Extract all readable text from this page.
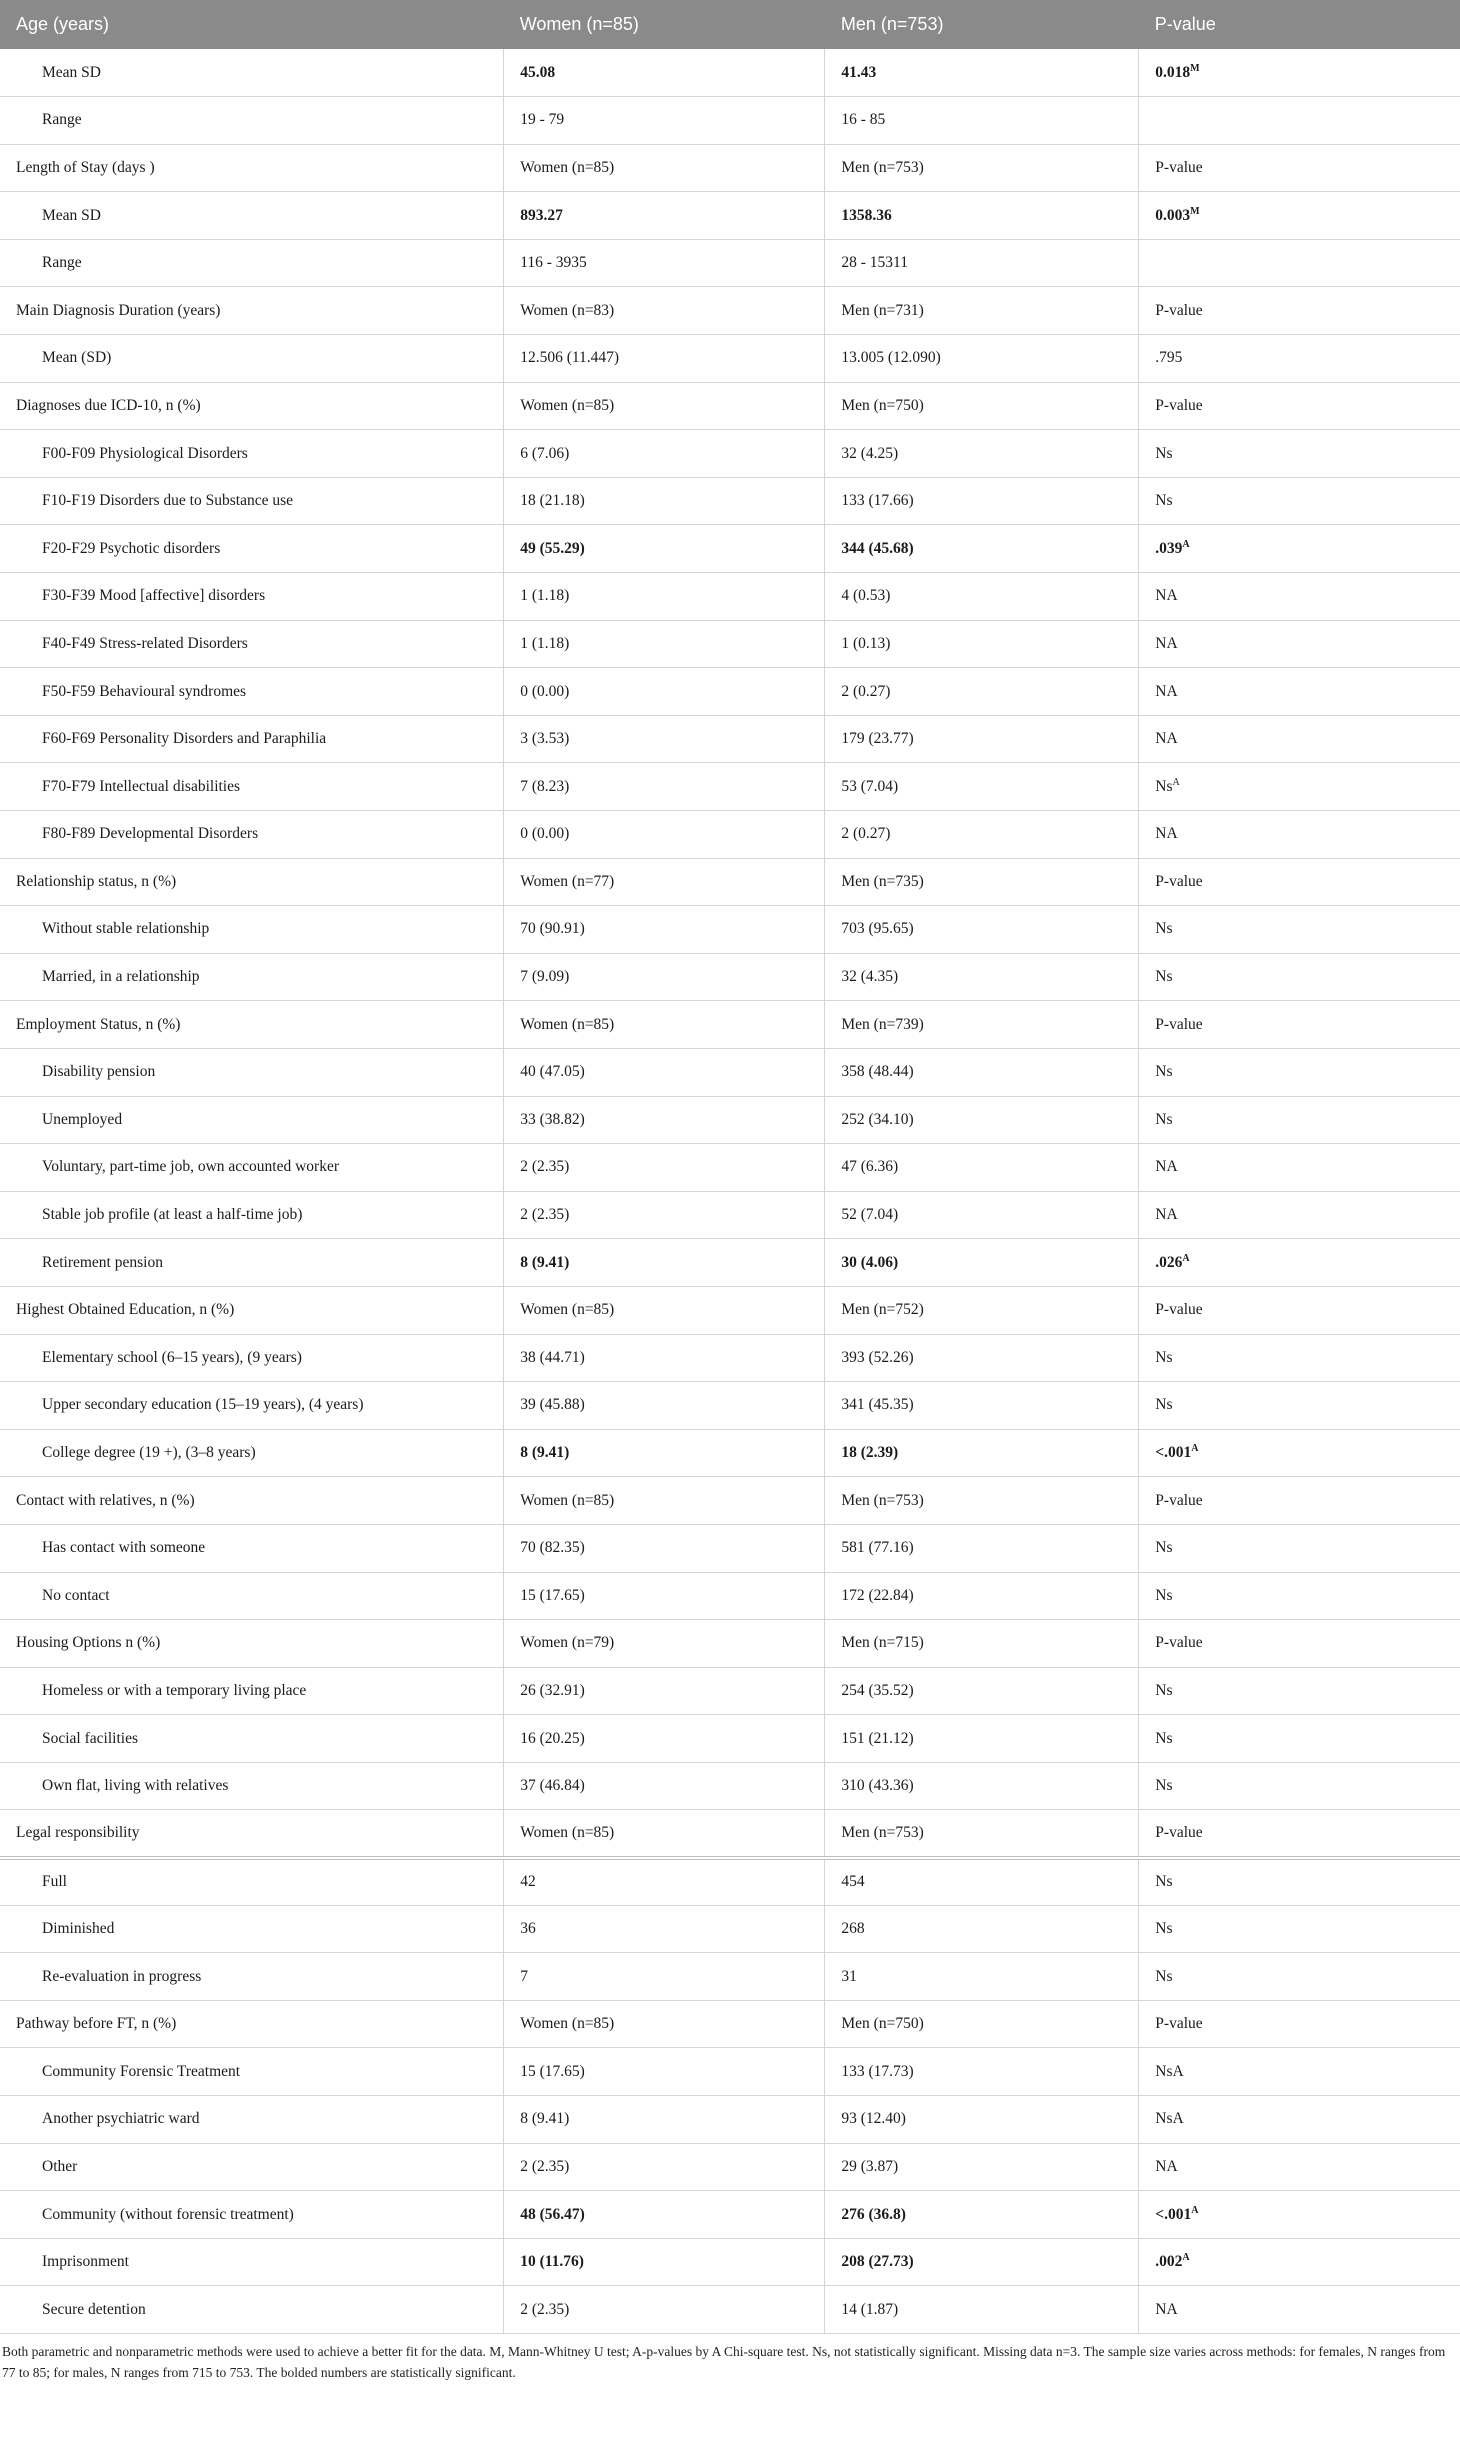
Age (years)	Women (n=85)	Men (n=753)	P-value
Mean SD	45.08	41.43	$0.018^M$
Range	19 - 79	16 - 85	
Length of Stay (days )	Women (n=85)	Men (n=753)	P-value
Mean SD	893.27	1358.36	$0.003^M$
Range	116 - 3935	28 - 15311	
Main Diagnosis Duration (years)	Women (n=83)	Men (n=731)	P-value
Mean (SD)	12.506 (11.447)	13.005 (12.090)	.795
Diagnoses due ICD-10, n (%)	Women (n=85)	Men (n=750)	P-value
F00-F09 Physiological Disorders	6 (7.06)	32 (4.25)	Ns
F10-F19 Disorders due to Substance use	18 (21.18)	133 (17.66)	Ns
F20-F29 Psychotic disorders	49 (55.29)	344 (45.68)	$.039^A$
F30-F39 Mood [affective] disorders	1 (1.18)	4 (0.53)	NA
F40-F49 Stress-related Disorders	1 (1.18)	1 (0.13)	NA
F50-F59 Behavioural syndromes	0 (0.00)	2 (0.27)	NA
F60-F69 Personality Disorders and Paraphilia	3 (3.53)	179 (23.77)	NA
F70-F79 Intellectual disabilities	7 (8.23)	53 (7.04)	$Ns^A$
F80-F89 Developmental Disorders	0 (0.00)	2 (0.27)	NA
Relationship status, n (%)	Women (n=77)	Men (n=735)	P-value
Without stable relationship	70 (90.91)	703 (95.65)	Ns
Married, in a relationship	7 (9.09)	32 (4.35)	Ns
Employment Status, n (%)	Women (n=85)	Men (n=739)	P-value
Disability pension	40 (47.05)	358 (48.44)	Ns
Unemployed	33 (38.82)	252 (34.10)	Ns
Voluntary, part-time job, own accounted worker	2 (2.35)	47 (6.36)	NA
Stable job profile (at least a half-time job)	2 (2.35)	52 (7.04)	NA
Retirement pension	8 (9.41)	30 (4.06)	$.026^A$
Highest Obtained Education, n (%)	Women (n=85)	Men (n=752)	P-value
Elementary school (6–15 years), (9 years)	38 (44.71)	393 (52.26)	Ns
Upper secondary education (15–19 years), (4 years)	39 (45.88)	341 (45.35)	Ns
College degree (19 +), (3–8 years)	8 (9.41)	18 (2.39)	$<.001^A$
Contact with relatives, n (%)	Women (n=85)	Men (n=753)	P-value
Has contact with someone	70 (82.35)	581 (77.16)	Ns
No contact	15 (17.65)	172 (22.84)	Ns
Housing Options n (%)	Women (n=79)	Men (n=715)	P-value
Homeless or with a temporary living place	26 (32.91)	254 (35.52)	Ns
Social facilities	16 (20.25)	151 (21.12)	Ns
Own flat, living with relatives	37 (46.84)	310 (43.36)	Ns
Legal responsibility	Women (n=85)	Men (n=753)	P-value
Full	42	454	Ns
Diminished	36	268	Ns
Re-evaluation in progress	7	31	Ns
Pathway before FT, n (%)	Women (n=85)	Men (n=750)	P-value
Community Forensic Treatment	15 (17.65)	133 (17.73)	NsA
Another psychiatric ward	8 (9.41)	93 (12.40)	NsA
Other	2 (2.35)	29 (3.87)	NA
Community (without forensic treatment)	48 (56.47)	276 (36.8)	$<.001^A$
Imprisonment	10 (11.76)	208 (27.73)	$.002^A$
Secure detention	2 (2.35)	14 (1.87)	NA

Both parametric and nonparametric methods were used to achieve a better fit for the data. M, Mann-Whitney U test; A-p-values by A Chi-square test. Ns, not statistically significant. Missing data n=3. The sample size varies across methods: for females, N ranges from 77 to 85; for males, N ranges from 715 to 753. The bolded numbers are statistically significant.
